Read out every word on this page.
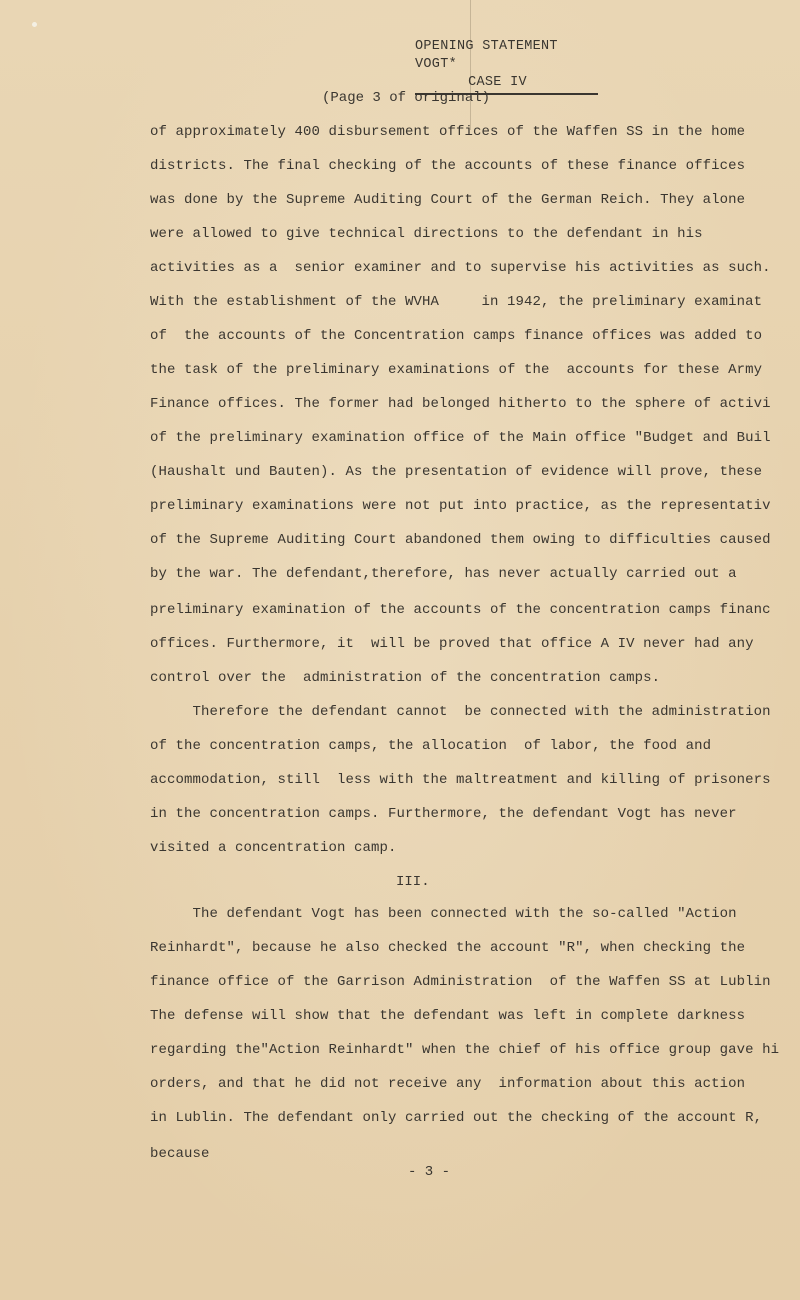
OPENING STATEMENT VOGT*
CASE IV
(Page 3 of original)
of approximately 400 disbursement offices of the Waffen SS in the home
districts. The final checking of the accounts of these finance offices
was done by the Supreme Auditing Court of the German Reich. They alone
were allowed to give technical directions to the defendant in his
activities as a  senior examiner and to supervise his activities as such.
With the establishment of the WVHA     in 1942, the preliminary examinat
of  the accounts of the Concentration camps finance offices was added to
the task of the preliminary examinations of the  accounts for these Army
Finance offices. The former had belonged hitherto to the sphere of activi
of the preliminary examination office of the Main office "Budget and Buil
(Haushalt und Bauten). As the presentation of evidence will prove, these
preliminary examinations were not put into practice, as the representativ
of the Supreme Auditing Court abandoned them owing to difficulties caused
by the war. The defendant,therefore, has never actually carried out a
preliminary examination of the accounts of the concentration camps financ
offices. Furthermore, it  will be proved that office A IV never had any
control over the  administration of the concentration camps.
Therefore the defendant cannot  be connected with the administration
of the concentration camps, the allocation  of labor, the food and
accommodation, still  less with the maltreatment and killing of prisoners
in the concentration camps. Furthermore, the defendant Vogt has never
visited a concentration camp.
III.
The defendant Vogt has been connected with the so-called "Action
Reinhardt", because he also checked the account "R", when checking the
finance office of the Garrison Administration  of the Waffen SS at Lublin
The defense will show that the defendant was left in complete darkness
regarding the"Action Reinhardt" when the chief of his office group gave hi
orders, and that he did not receive any  information about this action
in Lublin. The defendant only carried out the checking of the account R,
because
- 3 -
